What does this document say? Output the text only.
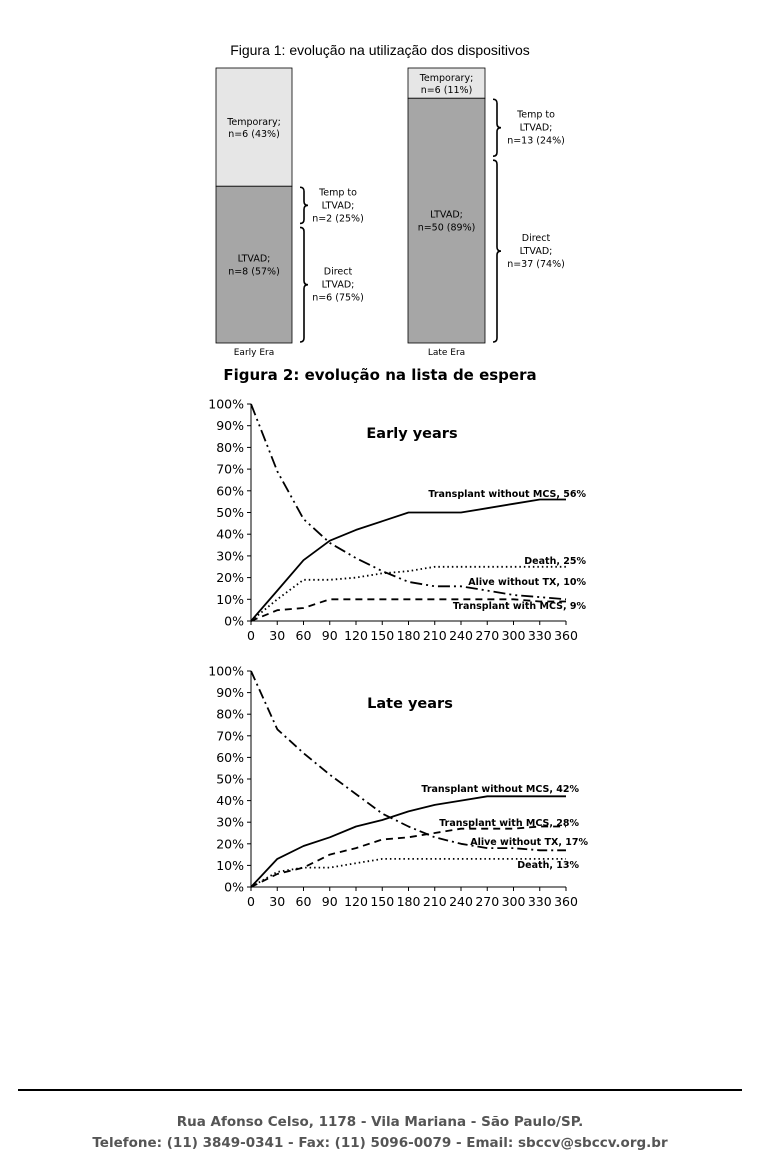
Figura 1: evolução na utilização dos dispositivos
Temporary;
n=6 (43%)
LTVAD;
n=8 (57%)
Early Era
Temp to
LTVAD;
n=2 (25%)
Direct
LTVAD;
n=6 (75%)
Temporary;
n=6 (11%)
LTVAD;
n=50 (89%)
Late Era
Temp to
LTVAD;
n=13 (24%)
Direct
LTVAD;
n=37 (74%)
Figura 2: evolução na lista de espera
0%
10%
20%
30%
40%
50%
60%
70%
80%
90%
100%
0 30 60 90 120 150 180 210 240 270 300 330 360
Early years
Transplant without MCS, 56%
Death, 25%
Alive without TX, 10%
Transplant with MCS, 9%
0%
10%
20%
30%
40%
50%
60%
70%
80%
90%
100%
0 30 60 90 120 150 180 210 240 270 300 330 360
Late years
Transplant without MCS, 42%
Transplant with MCS, 28%
Alive without TX, 17%
Death, 13%
Rua Afonso Celso, 1178 - Vila Mariana - São Paulo/SP.
Telefone: (11) 3849-0341 - Fax: (11) 5096-0079 - Email: sbccv@sbccv.org.br
